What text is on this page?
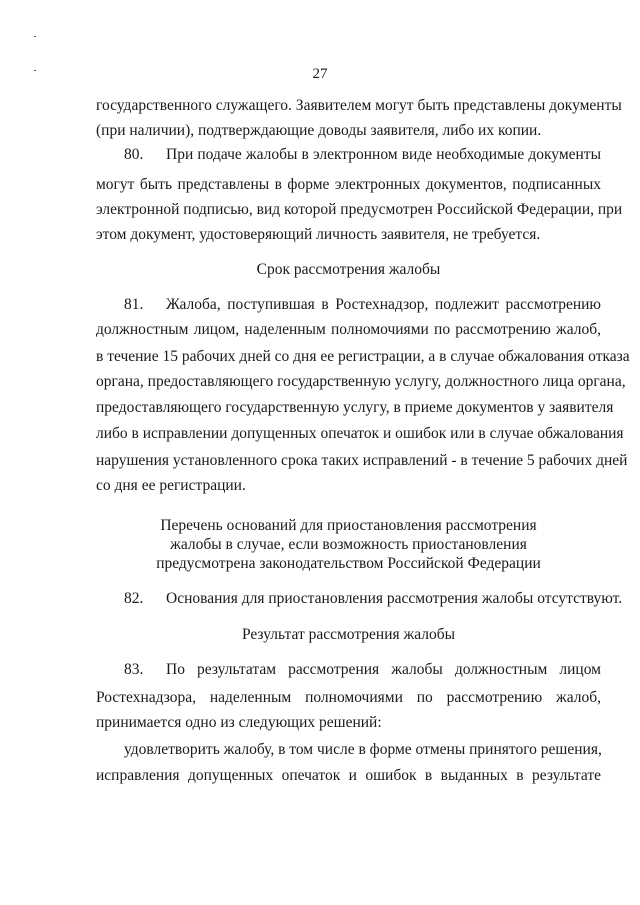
27
государственного служащего. Заявителем могут быть представлены документы
(при наличии), подтверждающие доводы заявителя, либо их копии.
80. При подаче жалобы в электронном виде необходимые документы
могут быть представлены в форме электронных документов, подписанных
электронной подписью, вид которой предусмотрен Российской Федерации, при
этом документ, удостоверяющий личность заявителя, не требуется.
Срок рассмотрения жалобы
81. Жалоба, поступившая в Ростехнадзор, подлежит рассмотрению
должностным лицом, наделенным полномочиями по рассмотрению жалоб,
в течение 15 рабочих дней со дня ее регистрации, а в случае обжалования отказа
органа, предоставляющего государственную услугу, должностного лица органа,
предоставляющего государственную услугу, в приеме документов у заявителя
либо в исправлении допущенных опечаток и ошибок или в случае обжалования
нарушения установленного срока таких исправлений - в течение 5 рабочих дней
со дня ее регистрации.
Перечень оснований для приостановления рассмотрения
жалобы в случае, если возможность приостановления
предусмотрена законодательством Российской Федерации
82. Основания для приостановления рассмотрения жалобы отсутствуют.
Результат рассмотрения жалобы
83. По результатам рассмотрения жалобы должностным лицом
Ростехнадзора, наделенным полномочиями по рассмотрению жалоб,
принимается одно из следующих решений:
удовлетворить жалобу, в том числе в форме отмены принятого решения,
исправления допущенных опечаток и ошибок в выданных в результате
